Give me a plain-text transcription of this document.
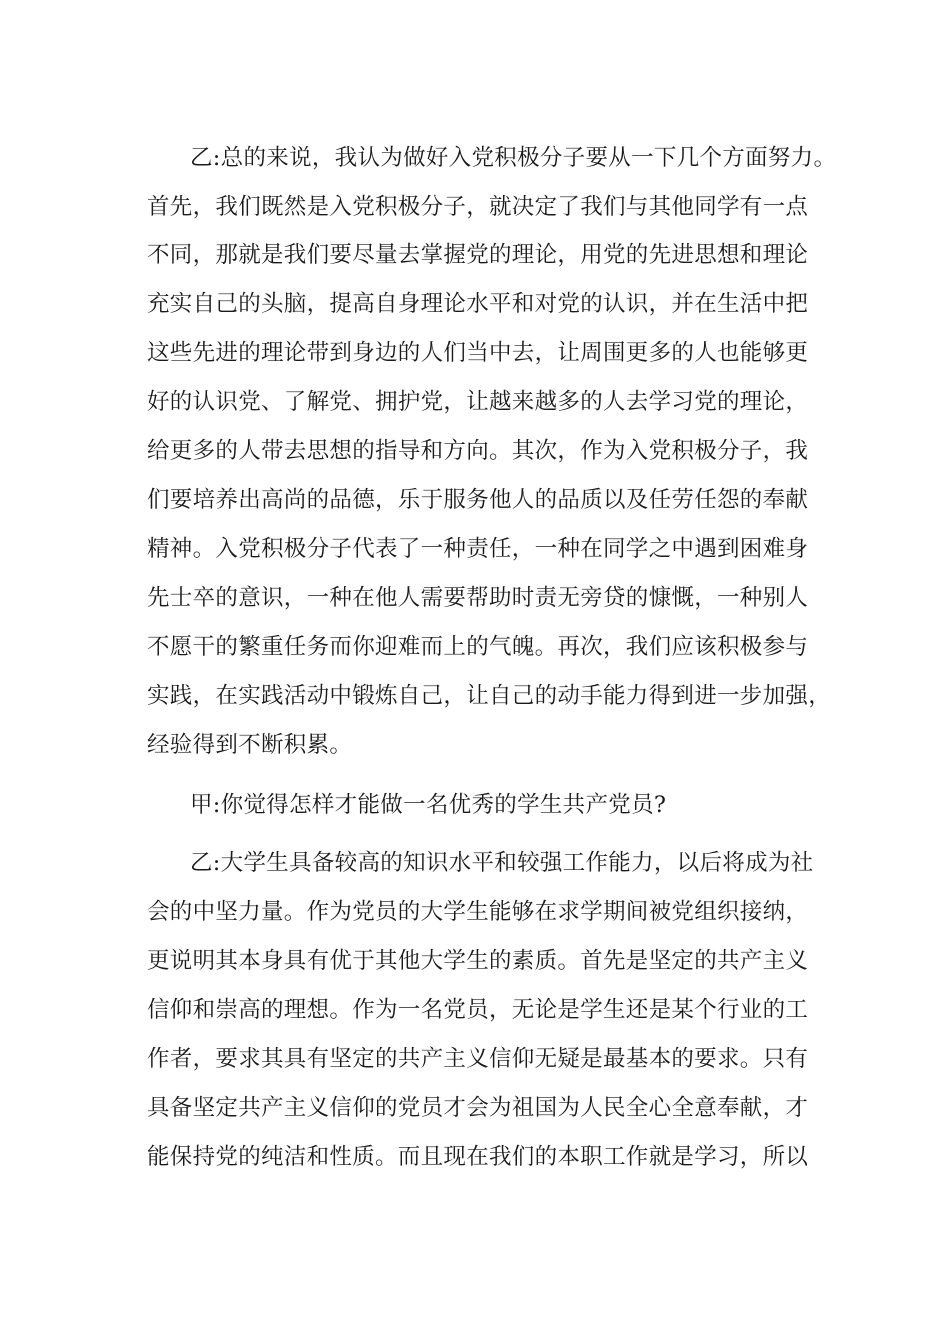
乙:总的来说，我认为做好入党积极分子要从一下几个方面努力。
首先，我们既然是入党积极分子，就决定了我们与其他同学有一点
不同，那就是我们要尽量去掌握党的理论，用党的先进思想和理论
充实自己的头脑，提高自身理论水平和对党的认识，并在生活中把
这些先进的理论带到身边的人们当中去，让周围更多的人也能够更
好的认识党、了解党、拥护党，让越来越多的人去学习党的理论，
给更多的人带去思想的指导和方向。其次，作为入党积极分子，我
们要培养出高尚的品德，乐于服务他人的品质以及任劳任怨的奉献
精神。入党积极分子代表了一种责任，一种在同学之中遇到困难身
先士卒的意识，一种在他人需要帮助时责无旁贷的慷慨，一种别人
不愿干的繁重任务而你迎难而上的气魄。再次，我们应该积极参与
实践，在实践活动中锻炼自己，让自己的动手能力得到进一步加强，
经验得到不断积累。
甲:你觉得怎样才能做一名优秀的学生共产党员?
乙:大学生具备较高的知识水平和较强工作能力，以后将成为社
会的中坚力量。作为党员的大学生能够在求学期间被党组织接纳，
更说明其本身具有优于其他大学生的素质。首先是坚定的共产主义
信仰和崇高的理想。作为一名党员，无论是学生还是某个行业的工
作者，要求其具有坚定的共产主义信仰无疑是最基本的要求。只有
具备坚定共产主义信仰的党员才会为祖国为人民全心全意奉献，才
能保持党的纯洁和性质。而且现在我们的本职工作就是学习，所以
